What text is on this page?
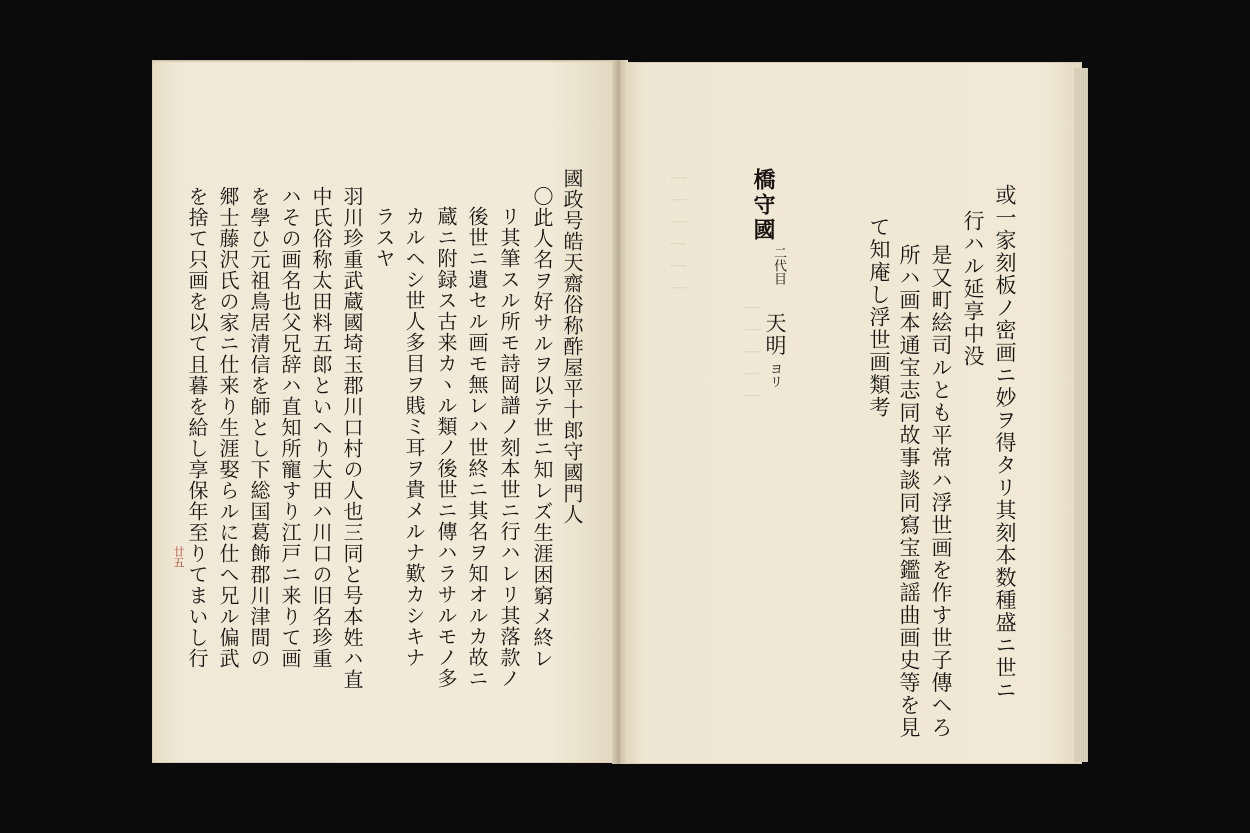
｜｜｜｜｜｜
｜｜｜｜｜
國政号皓天齋俗称酢屋平十郎守國門人
〇此人名ヲ好サルヲ以テ世ニ知レズ生涯困窮メ終レ
リ其筆スル所モ詩岡譜ノ刻本世ニ行ハレリ其落款ノ
後世ニ遺セル画モ無レハ世終ニ其名ヲ知オルカ故ニ
蔵ニ附録ス古来カヽル類ノ後世ニ傳ハラサルモノ多
カルヘシ世人多目ヲ賎ミ耳ヲ貴メルナ歎カシキナ
ラスヤ
羽川珍重武蔵國埼玉郡川口村の人也三同と号本姓ハ直
中氏俗称太田料五郎といへり大田ハ川口の旧名珍重
ハその画名也父兄辞ハ直知所寵すり江戸ニ来りて画
を學ひ元祖鳥居清信を師とし下総国葛飾郡川津間の
郷士藤沢氏の家ニ仕来り生涯娶らルに仕へ兄ル偏武
を捨て只画を以て且暮を給し享保年至りてまいし行
廿五	或一家刻板ノ密画ニ妙ヲ得タリ其刻本数種盛ニ世ニ
行ハル延享中没
是又町絵司ルとも平常ハ浮世画を作す世子傳ヘろ
所ハ画本通宝志同故事談同寫宝鑑謡曲画史等を見
て知庵し浮世画類考
橋守國
二代目
天明
ヨリ
